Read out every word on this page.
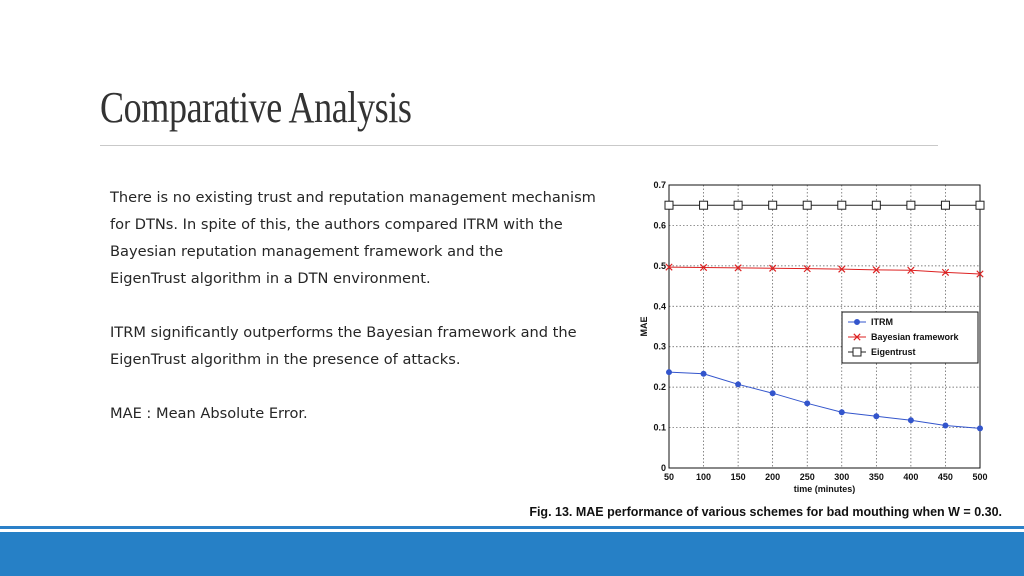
Comparative Analysis

There is no existing trust and reputation management mechanism
for DTNs. In spite of this, the authors compared ITRM with the
Bayesian reputation management framework and the
EigenTrust algorithm in a DTN environment.

ITRM significantly outperforms the Bayesian framework and the
EigenTrust algorithm in the presence of attacks.

MAE : Mean Absolute Error.

50 100 150 200 250 300 350 400 450 500
0
0.1
0.2
0.3
0.4
0.5
0.6
0.7
time (minutes)
MAE	ITRM
Bayesian framework
Eigentrust
Fig. 13. MAE performance of various schemes for bad mouthing when W = 0.30.
